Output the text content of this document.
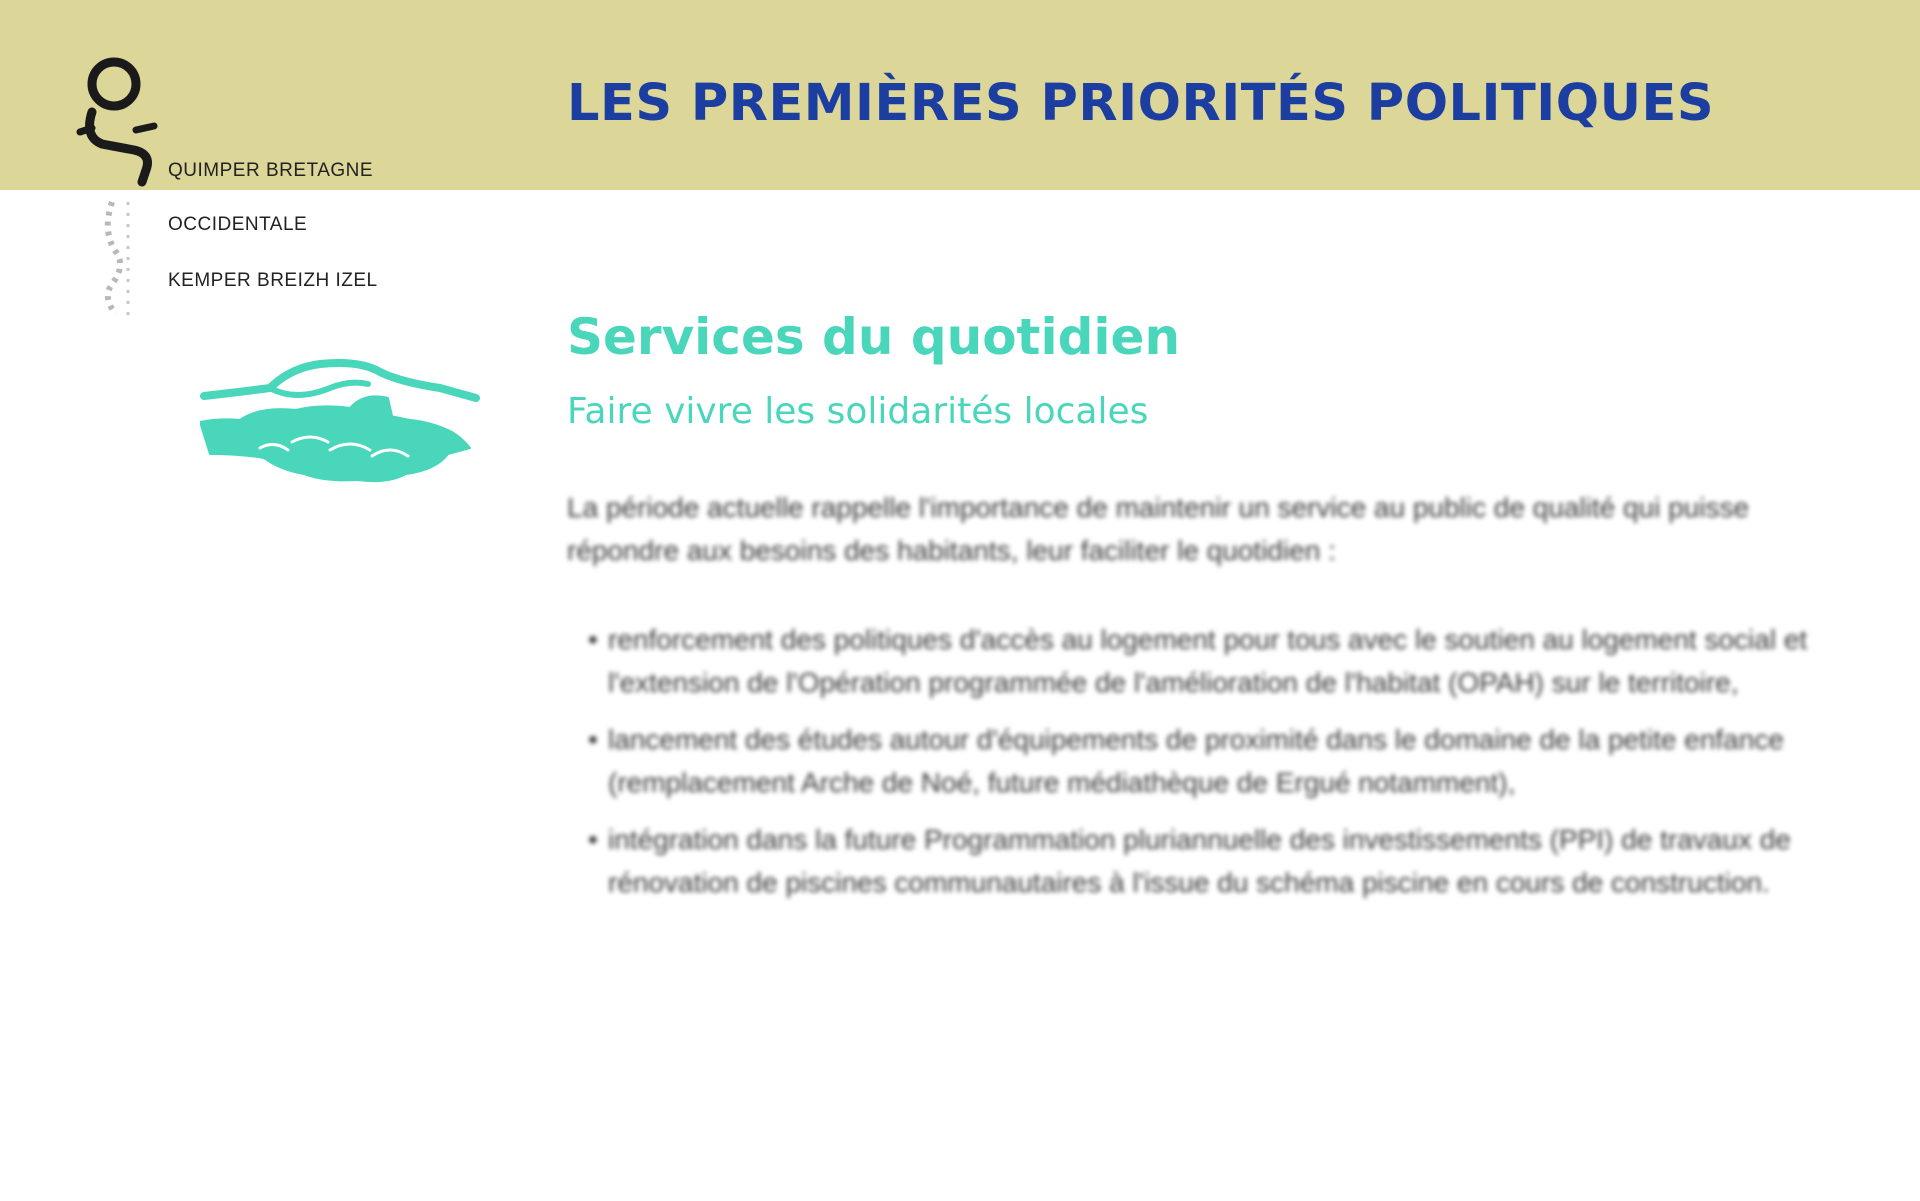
QUIMPER BRETAGNE
OCCIDENTALE
KEMPER BREIZH IZEL
LES PREMIÈRES PRIORITÉS POLITIQUES
Services du quotidien
Faire vivre les solidarités locales

La période actuelle rappelle l'importance de maintenir un service au public de qualité qui puisse répondre aux besoins des habitants, leur faciliter le quotidien :

• renforcement des politiques d'accès au logement pour tous avec le soutien au logement social et l'extension de l'Opération programmée de l'amélioration de l'habitat (OPAH) sur le territoire,
• lancement des études autour d'équipements de proximité dans le domaine de la petite enfance (remplacement Arche de Noé, future médiathèque de Ergué notamment),
• intégration dans la future Programmation pluriannuelle des investissements (PPI) de travaux de rénovation de piscines communautaires à l'issue du schéma piscine en cours de construction.
